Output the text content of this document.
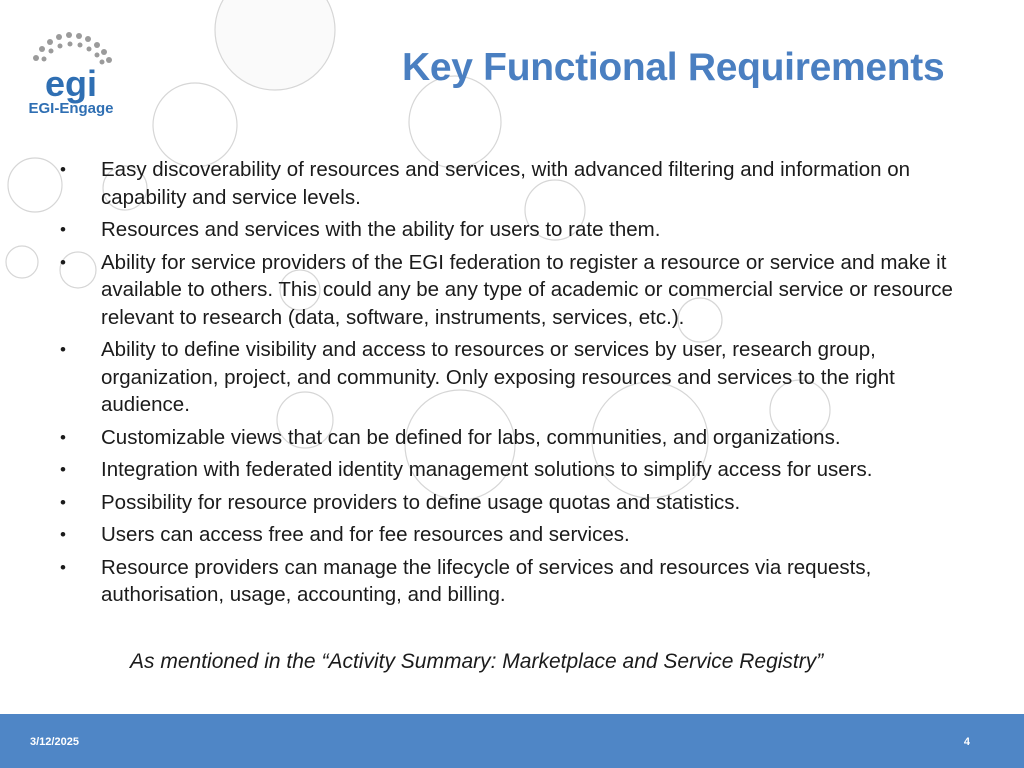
egi
EGI-Engage
Key Functional Requirements
• Easy discoverability of resources and services, with advanced filtering and information on capability and service levels.
• Resources and services with the ability for users to rate them.
• Ability for service providers of the EGI federation to register a resource or service and make it available to others. This could any be any type of academic or commercial service or resource relevant to research (data, software, instruments, services, etc.).
• Ability to define visibility and access to resources or services by user, research group, organization, project, and community. Only exposing resources and services to the right audience.
• Customizable views that can be defined for labs, communities, and organizations.
• Integration with federated identity management solutions to simplify access for users.
• Possibility for resource providers to define usage quotas and statistics.
• Users can access free and for fee resources and services.
• Resource providers can manage the lifecycle of services and resources via requests, authorisation, usage, accounting, and billing.
As mentioned in the “Activity Summary: Marketplace and Service Registry”
3/12/2025	4
